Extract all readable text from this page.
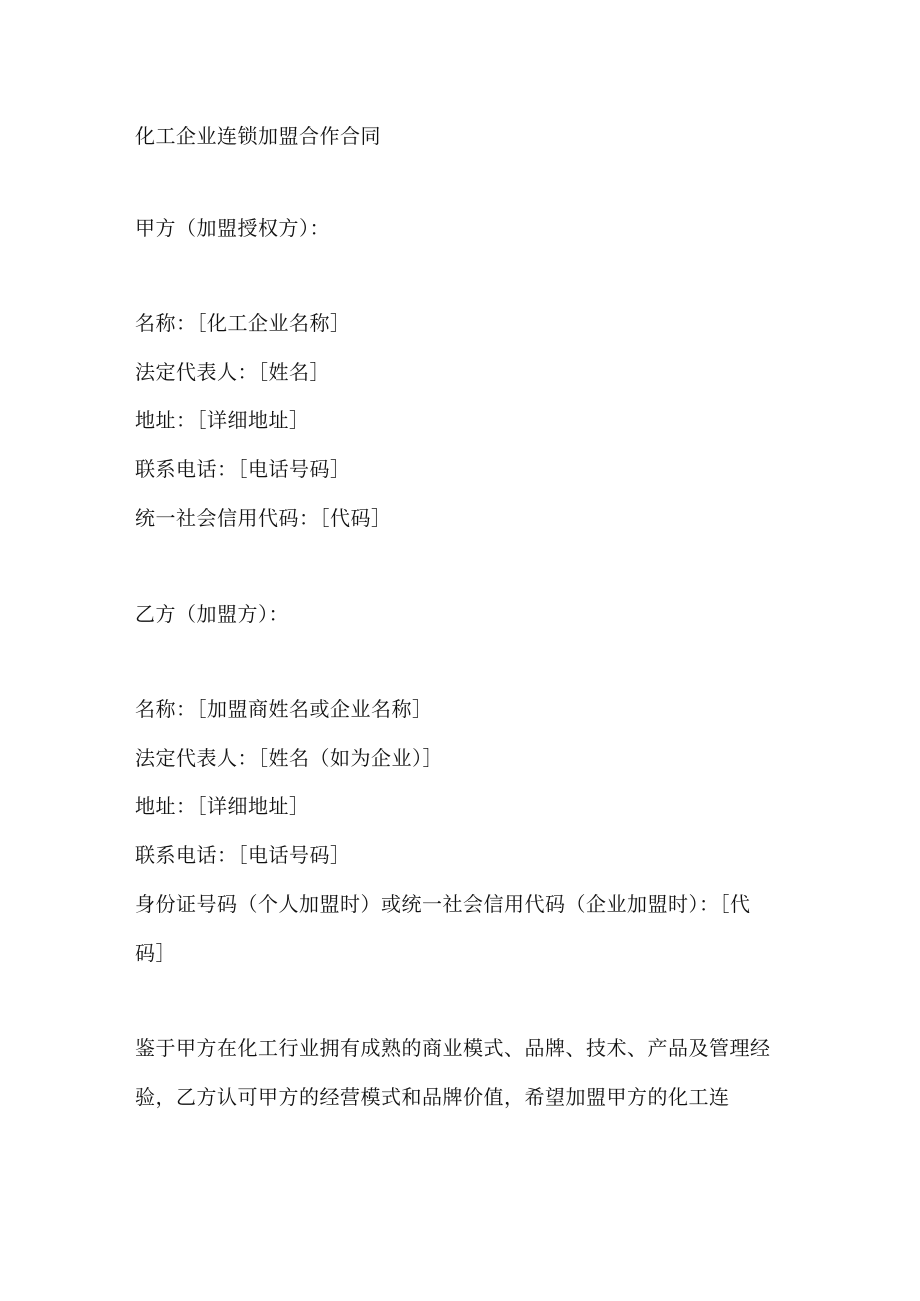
化工企业连锁加盟合作合同
甲方（加盟授权方）：
名称：［化工企业名称］
法定代表人：［姓名］
地址：［详细地址］
联系电话：［电话号码］
统一社会信用代码：［代码］
乙方（加盟方）：
名称：［加盟商姓名或企业名称］
法定代表人：［姓名（如为企业）］
地址：［详细地址］
联系电话：［电话号码］
身份证号码（个人加盟时）或统一社会信用代码（企业加盟时）：［代
码］
鉴于甲方在化工行业拥有成熟的商业模式、品牌、技术、产品及管理经
验，乙方认可甲方的经营模式和品牌价值，希望加盟甲方的化工连
